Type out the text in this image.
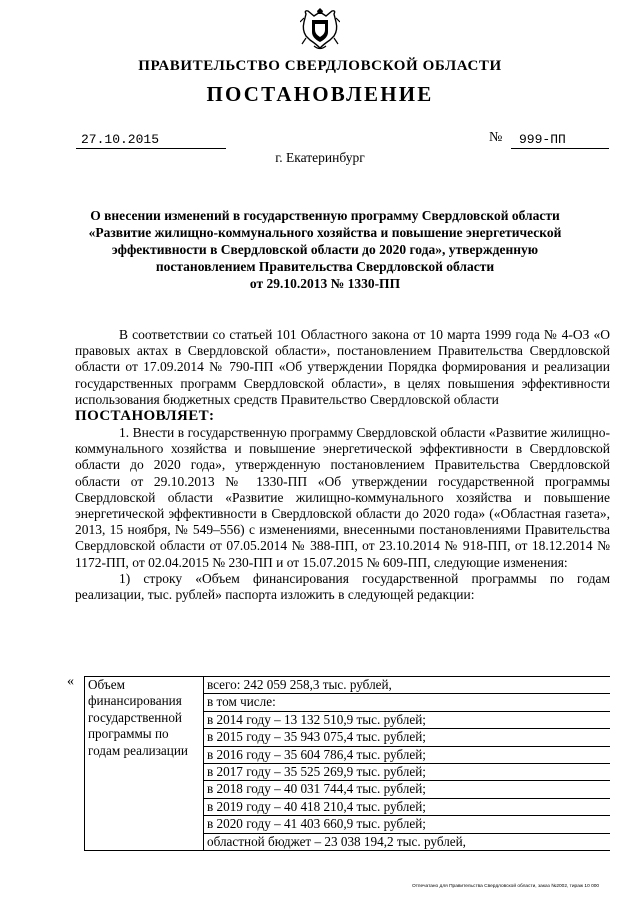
ПРАВИТЕЛЬСТВО СВЕРДЛОВСКОЙ ОБЛАСТИ
ПОСТАНОВЛЕНИЕ
27.10.2015	№	999-ПП
г. Екатеринбург
О внесении изменений в государственную программу Свердловской области
«Развитие жилищно-коммунального хозяйства и повышение энергетической
эффективности в Свердловской области до 2020 года», утвержденную
постановлением Правительства Свердловской области
от 29.10.2013 № 1330-ПП

В соответствии со статьей 101 Областного закона от 10 марта 1999 года № 4-ОЗ «О правовых актах в Свердловской области», постановлением Правительства Свердловской области от 17.09.2014 № 790-ПП «Об утверждении Порядка формирования и реализации государственных программ Свердловской области», в целях повышения эффективности использования бюджетных средств Правительство Свердловской области

ПОСТАНОВЛЯЕТ:

1. Внести в государственную программу Свердловской области «Развитие жилищно-коммунального хозяйства и повышение энергетической эффективности в Свердловской области до 2020 года», утвержденную постановлением Правительства Свердловской области от 29.10.2013 № 1330-ПП «Об утверждении государственной программы Свердловской области «Развитие жилищно-коммунального хозяйства и повышение энергетической эффективности в Свердловской области до 2020 года» («Областная газета», 2013, 15 ноября, № 549–556) с изменениями, внесенными постановлениями Правительства Свердловской области от 07.05.2014 № 388-ПП, от 23.10.2014 № 918-ПП, от 18.12.2014 № 1172-ПП, от 02.04.2015 № 230-ПП и от 15.07.2015 № 609-ПП, следующие изменения:

1) строку «Объем финансирования государственной программы по годам реализации, тыс. рублей» паспорта изложить в следующей редакции:

« Объем финансирования государственной программы по годам реализации	всего: 242 059 258,3 тыс. рублей,
в том числе:
в 2014 году – 13 132 510,9 тыс. рублей;
в 2015 году – 35 943 075,4 тыс. рублей;
в 2016 году – 35 604 786,4 тыс. рублей;
в 2017 году – 35 525 269,9 тыс. рублей;
в 2018 году – 40 031 744,4 тыс. рублей;
в 2019 году – 40 418 210,4 тыс. рублей;
в 2020 году – 41 403 660,9 тыс. рублей;
областной бюджет – 23 038 194,2 тыс. рублей,
Отпечатано для Правительства Свердловской области, заказ №2002, тираж 10 000
